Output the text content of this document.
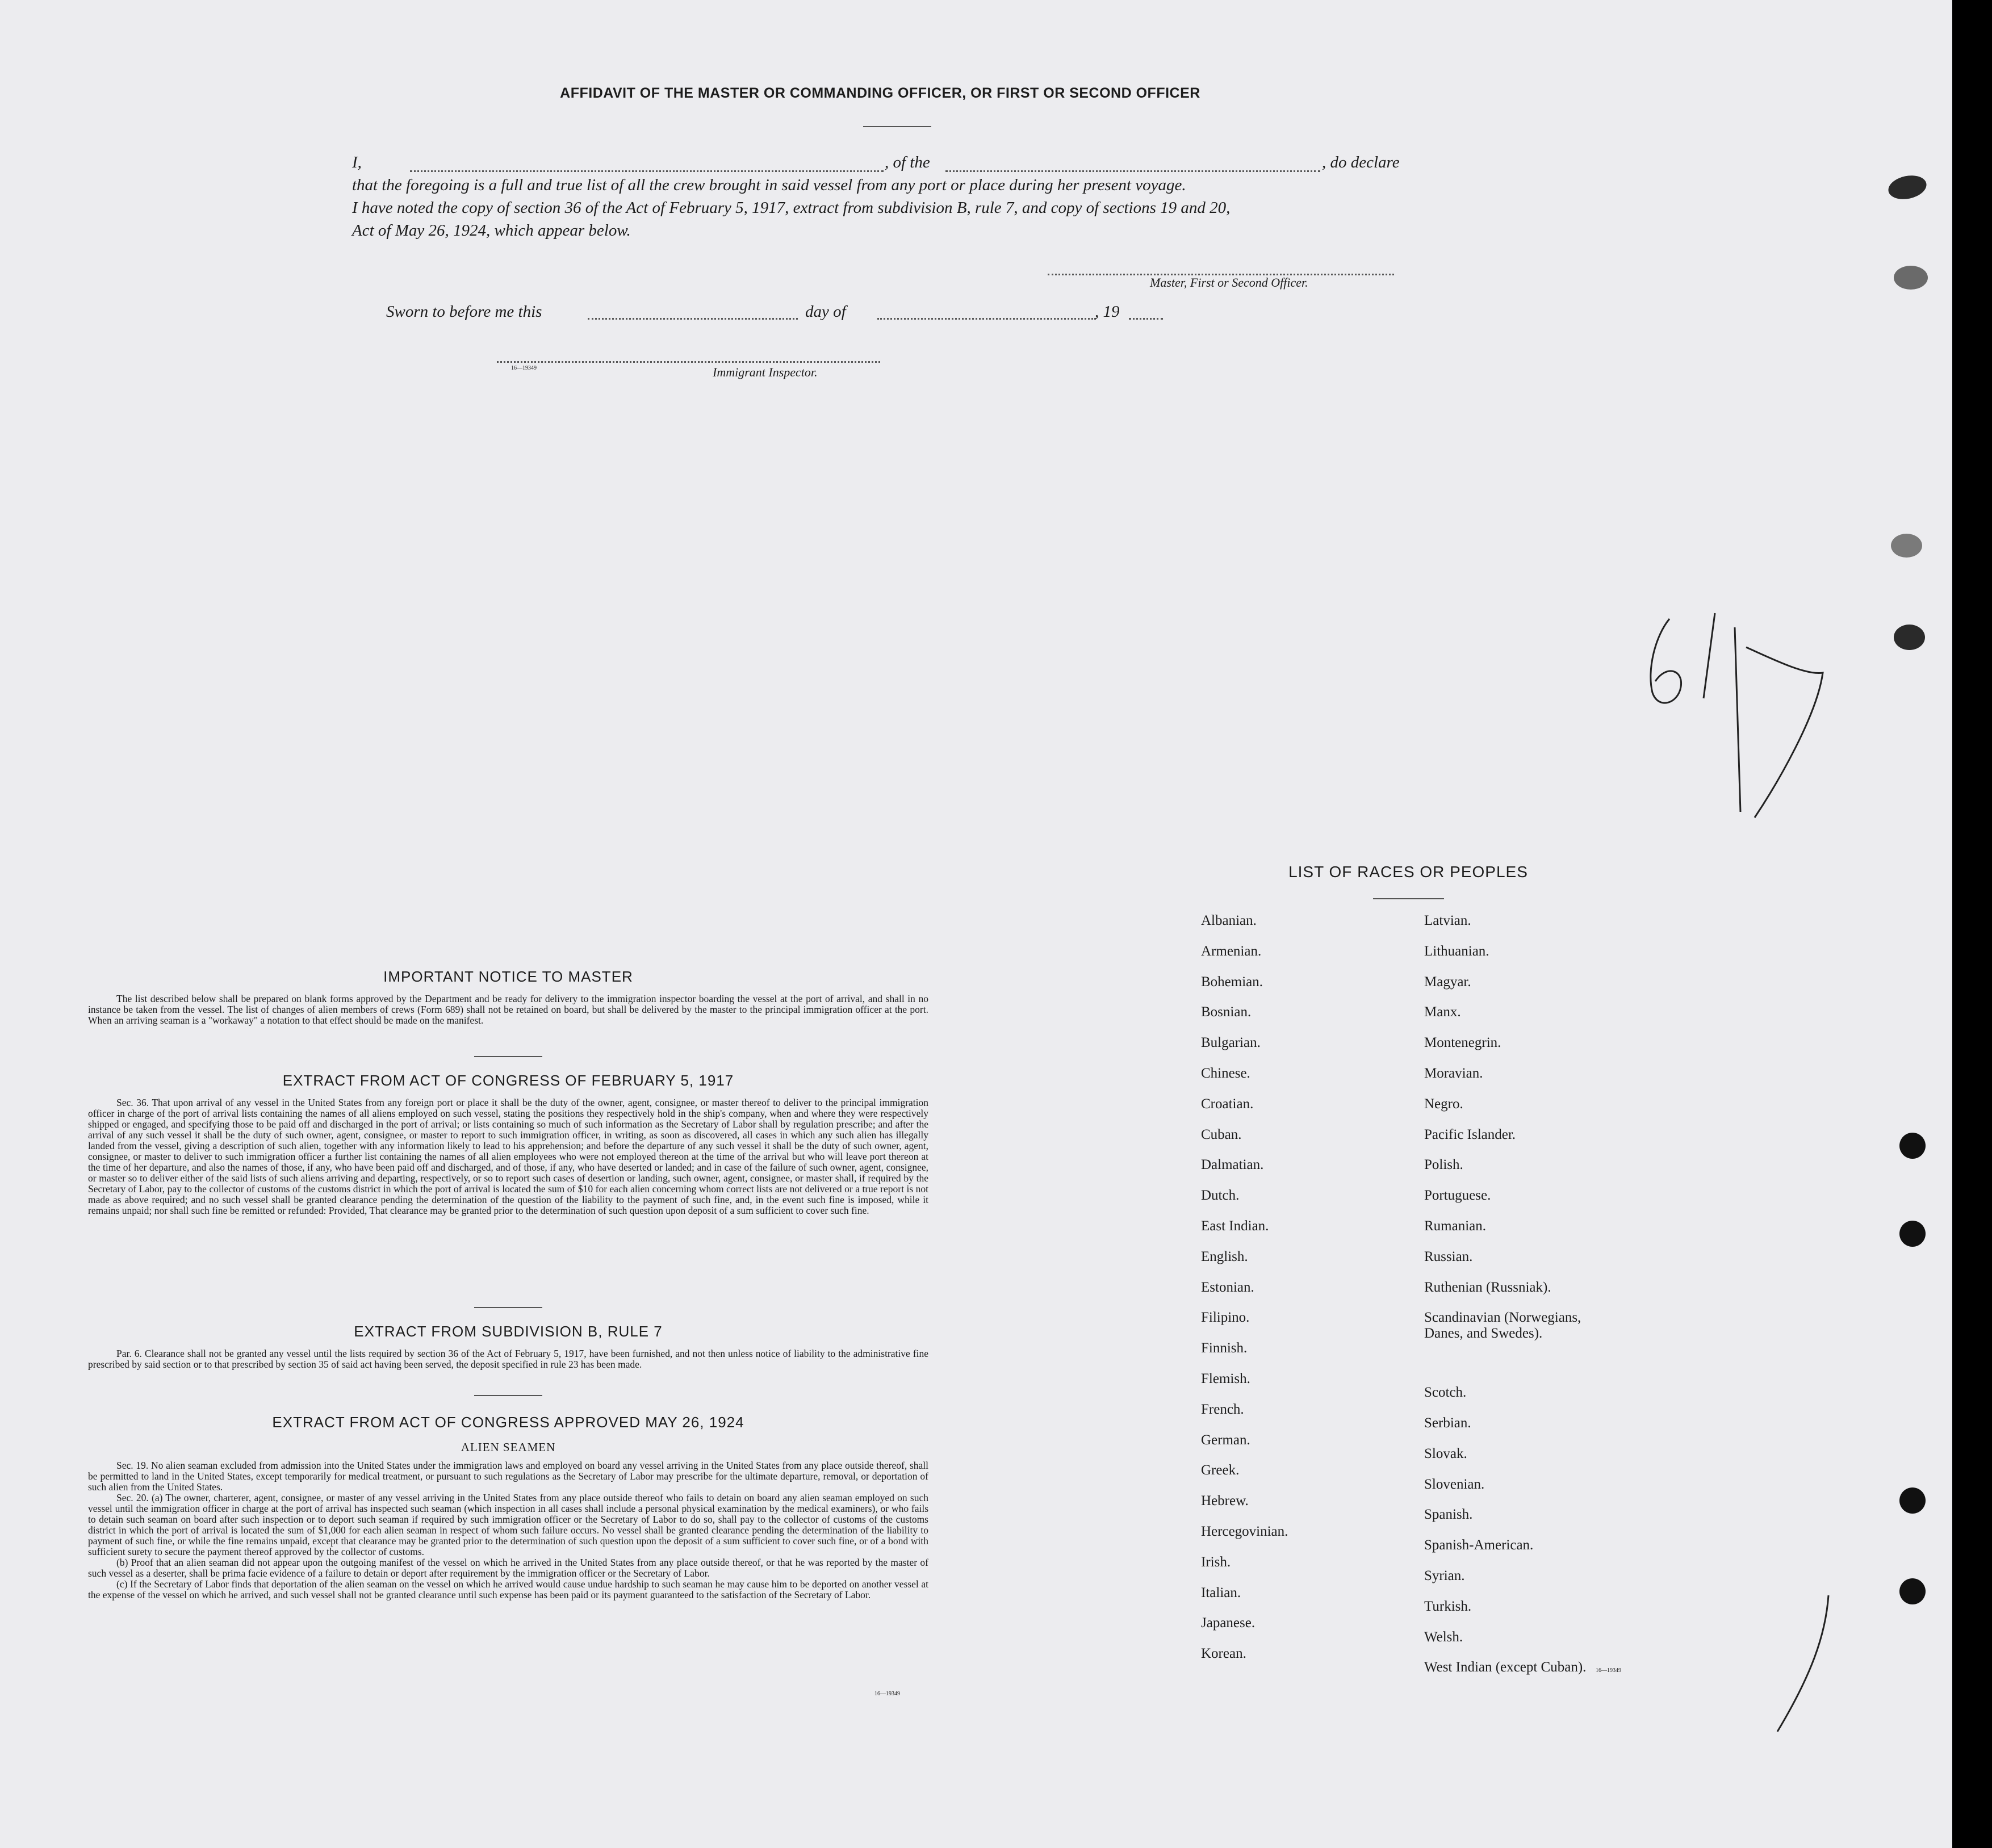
AFFIDAVIT OF THE MASTER OR COMMANDING OFFICER, OR FIRST OR SECOND OFFICER
I,	, of the	, do declare
that the foregoing is a full and true list of all the crew brought in said vessel from any port or place during her present voyage.
I have noted the copy of section 36 of the Act of February 5, 1917, extract from subdivision B, rule 7, and copy of sections 19 and 20,
Act of May 26, 1924, which appear below.
Master, First or Second Officer.
Sworn to before me this	day of	, 19
16—19349	Immigrant Inspector.
IMPORTANT NOTICE TO MASTER

The list described below shall be prepared on blank forms approved by the Department and be ready for delivery to the immigration inspector boarding the vessel at the port of arrival, and shall in no instance be taken from the vessel. The list of changes of alien members of crews (Form 689) shall not be retained on board, but shall be delivered by the master to the principal immigration officer at the port. When an arriving seaman is a "workaway" a notation to that effect should be made on the manifest.

EXTRACT FROM ACT OF CONGRESS OF FEBRUARY 5, 1917

Sec. 36. That upon arrival of any vessel in the United States from any foreign port or place it shall be the duty of the owner, agent, consignee, or master thereof to deliver to the principal immigration officer in charge of the port of arrival lists containing the names of all aliens employed on such vessel, stating the positions they respectively hold in the ship's company, when and where they were respectively shipped or engaged, and specifying those to be paid off and discharged in the port of arrival; or lists containing so much of such information as the Secretary of Labor shall by regulation prescribe; and after the arrival of any such vessel it shall be the duty of such owner, agent, consignee, or master to report to such immigration officer, in writing, as soon as discovered, all cases in which any such alien has illegally landed from the vessel, giving a description of such alien, together with any information likely to lead to his apprehension; and before the departure of any such vessel it shall be the duty of such owner, agent, consignee, or master to deliver to such immigration officer a further list containing the names of all alien employees who were not employed thereon at the time of the arrival but who will leave port thereon at the time of her departure, and also the names of those, if any, who have been paid off and discharged, and of those, if any, who have deserted or landed; and in case of the failure of such owner, agent, consignee, or master so to deliver either of the said lists of such aliens arriving and departing, respectively, or so to report such cases of desertion or landing, such owner, agent, consignee, or master shall, if required by the Secretary of Labor, pay to the collector of customs of the customs district in which the port of arrival is located the sum of $10 for each alien concerning whom correct lists are not delivered or a true report is not made as above required; and no such vessel shall be granted clearance pending the determination of the question of the liability to the payment of such fine, and, in the event such fine is imposed, while it remains unpaid; nor shall such fine be remitted or refunded: Provided, That clearance may be granted prior to the determination of such question upon deposit of a sum sufficient to cover such fine.

EXTRACT FROM SUBDIVISION B, RULE 7

Par. 6. Clearance shall not be granted any vessel until the lists required by section 36 of the Act of February 5, 1917, have been furnished, and not then unless notice of liability to the administrative fine prescribed by said section or to that prescribed by section 35 of said act having been served, the deposit specified in rule 23 has been made.

EXTRACT FROM ACT OF CONGRESS APPROVED MAY 26, 1924
ALIEN SEAMEN

Sec. 19. No alien seaman excluded from admission into the United States under the immigration laws and employed on board any vessel arriving in the United States from any place outside thereof, shall be permitted to land in the United States, except temporarily for medical treatment, or pursuant to such regulations as the Secretary of Labor may prescribe for the ultimate departure, removal, or deportation of such alien from the United States.

Sec. 20. (a) The owner, charterer, agent, consignee, or master of any vessel arriving in the United States from any place outside thereof who fails to detain on board any alien seaman employed on such vessel until the immigration officer in charge at the port of arrival has inspected such seaman (which inspection in all cases shall include a personal physical examination by the medical examiners), or who fails to detain such seaman on board after such inspection or to deport such seaman if required by such immigration officer or the Secretary of Labor to do so, shall pay to the collector of customs of the customs district in which the port of arrival is located the sum of $1,000 for each alien seaman in respect of whom such failure occurs. No vessel shall be granted clearance pending the determination of the liability to payment of such fine, or while the fine remains unpaid, except that clearance may be granted prior to the determination of such question upon the deposit of a sum sufficient to cover such fine, or of a bond with sufficient surety to secure the payment thereof approved by the collector of customs.

(b) Proof that an alien seaman did not appear upon the outgoing manifest of the vessel on which he arrived in the United States from any place outside thereof, or that he was reported by the master of such vessel as a deserter, shall be prima facie evidence of a failure to detain or deport after requirement by the immigration officer or the Secretary of Labor.

(c) If the Secretary of Labor finds that deportation of the alien seaman on the vessel on which he arrived would cause undue hardship to such seaman he may cause him to be deported on another vessel at the expense of the vessel on which he arrived, and such vessel shall not be granted clearance until such expense has been paid or its payment guaranteed to the satisfaction of the Secretary of Labor.

16—19349
LIST OF RACES OR PEOPLES
16—19349
Albanian.
Armenian.
Bohemian.
Bosnian.
Bulgarian.
Chinese.
Croatian.
Cuban.
Dalmatian.
Dutch.
East Indian.
English.
Estonian.
Filipino.
Finnish.
Flemish.
French.
German.
Greek.
Hebrew.
Hercegovinian.
Irish.
Italian.
Japanese.
Korean.
Latvian.
Lithuanian.
Magyar.
Manx.
Montenegrin.
Moravian.
Negro.
Pacific Islander.
Polish.
Portuguese.
Rumanian.
Russian.
Ruthenian (Russniak).
Scandinavian (Norwegians, Danes, and Swedes).
Scotch.
Serbian.
Slovak.
Slovenian.
Spanish.
Spanish-American.
Syrian.
Turkish.
Welsh.
West Indian (except Cuban).
